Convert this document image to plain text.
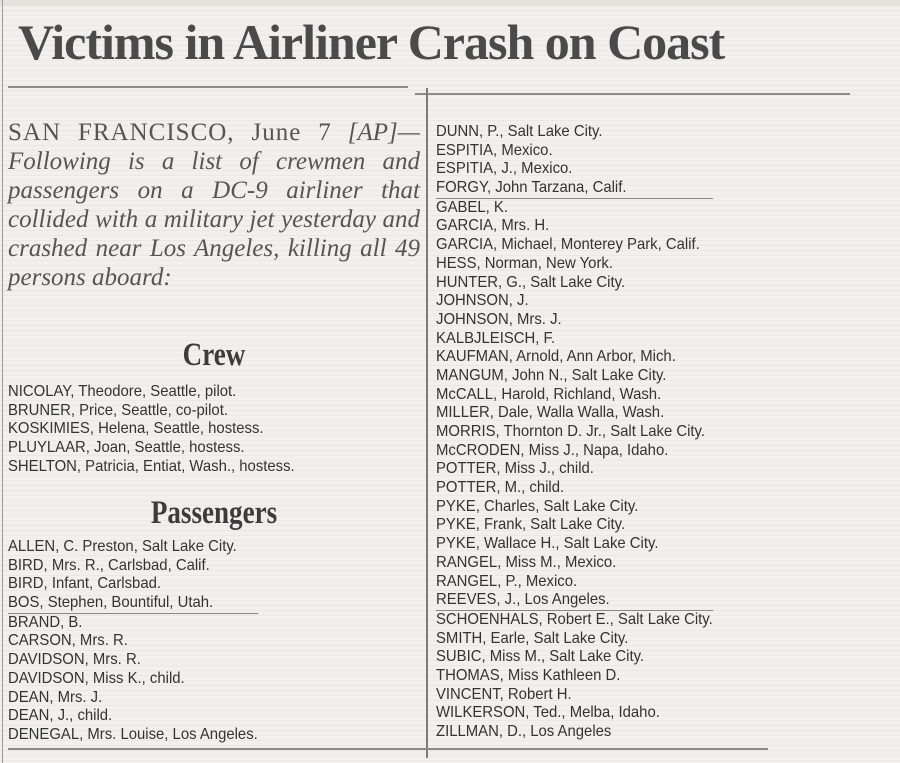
Victims in Airliner Crash on Coast
SAN FRANCISCO, June 7 [AP]—Following is a list of crewmen and passengers on a DC-9 airliner that collided with a military jet yesterday and crashed near Los Angeles, killing all 49 persons aboard:
Crew
NICOLAY, Theodore, Seattle, pilot.
BRUNER, Price, Seattle, co-pilot.
KOSKIMIES, Helena, Seattle, hostess.
PLUYLAAR, Joan, Seattle, hostess.
SHELTON, Patricia, Entiat, Wash., hostess.
Passengers
ALLEN, C. Preston, Salt Lake City.
BIRD, Mrs. R., Carlsbad, Calif.
BIRD, Infant, Carlsbad.
BOS, Stephen, Bountiful, Utah.
BRAND, B.
CARSON, Mrs. R.
DAVIDSON, Mrs. R.
DAVIDSON, Miss K., child.
DEAN, Mrs. J.
DEAN, J., child.
DENEGAL, Mrs. Louise, Los Angeles.
DUNN, P., Salt Lake City.
ESPITIA, Mexico.
ESPITIA, J., Mexico.
FORGY, John Tarzana, Calif.
GABEL, K.
GARCIA, Mrs. H.
GARCIA, Michael, Monterey Park, Calif.
HESS, Norman, New York.
HUNTER, G., Salt Lake City.
JOHNSON, J.
JOHNSON, Mrs. J.
KALBJLEISCH, F.
KAUFMAN, Arnold, Ann Arbor, Mich.
MANGUM, John N., Salt Lake City.
McCALL, Harold, Richland, Wash.
MILLER, Dale, Walla Walla, Wash.
MORRIS, Thornton D. Jr., Salt Lake City.
McCRODEN, Miss J., Napa, Idaho.
POTTER, Miss J., child.
POTTER, M., child.
PYKE, Charles, Salt Lake City.
PYKE, Frank, Salt Lake City.
PYKE, Wallace H., Salt Lake City.
RANGEL, Miss M., Mexico.
RANGEL, P., Mexico.
REEVES, J., Los Angeles.
SCHOENHALS, Robert E., Salt Lake City.
SMITH, Earle, Salt Lake City.
SUBIC, Miss M., Salt Lake City.
THOMAS, Miss Kathleen D.
VINCENT, Robert H.
WILKERSON, Ted., Melba, Idaho.
ZILLMAN, D., Los Angeles
